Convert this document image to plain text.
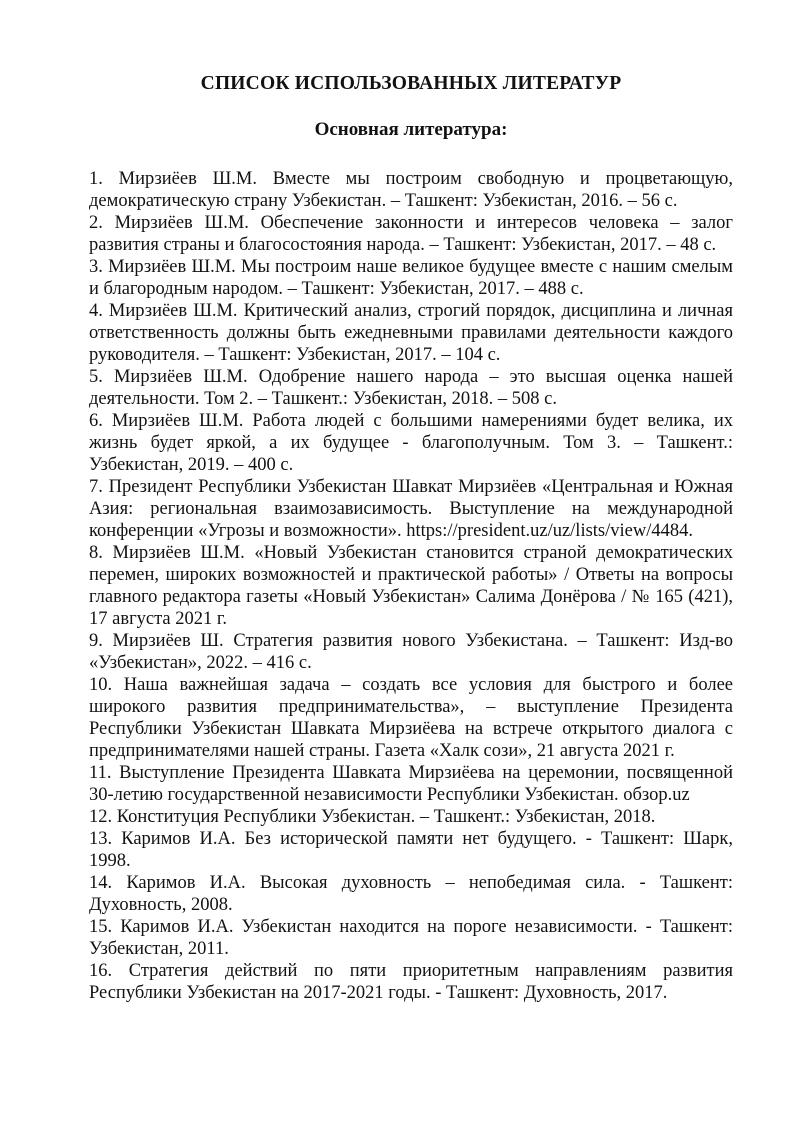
СПИСОК ИСПОЛЬЗОВАННЫХ ЛИТЕРАТУР
Основная литература:

1. Мирзиёев Ш.М. Вместе мы построим свободную и процветающую, демократическую страну Узбекистан. – Ташкент: Узбекистан, 2016. – 56 с.

2. Мирзиёев Ш.М. Обеспечение законности и интересов человека – залог развития страны и благосостояния народа. – Ташкент: Узбекистан, 2017. – 48 с.

3. Мирзиёев Ш.М. Мы построим наше великое будущее вместе с нашим смелым и благородным народом. – Ташкент: Узбекистан, 2017. – 488 с.

4. Мирзиёев Ш.М. Критический анализ, строгий порядок, дисциплина и личная ответственность должны быть ежедневными правилами деятельности каждого руководителя. – Ташкент: Узбекистан, 2017. – 104 с.

5. Мирзиёев Ш.М. Одобрение нашего народа – это высшая оценка нашей деятельности. Том 2. – Ташкент.: Узбекистан, 2018. – 508 с.

6. Мирзиёев Ш.М. Работа людей с большими намерениями будет велика, их жизнь будет яркой, а их будущее - благополучным. Том 3. – Ташкент.: Узбекистан, 2019. – 400 с.

7. Президент Республики Узбекистан Шавкат Мирзиёев «Центральная и Южная Азия: региональная взаимозависимость. Выступление на международной конференции «Угрозы и возможности». https://president.uz/uz/lists/view/4484.

8. Мирзиёев Ш.М. «Новый Узбекистан становится страной демократических перемен, широких возможностей и практической работы» / Ответы на вопросы главного редактора газеты «Новый Узбекистан» Салима Донёрова / № 165 (421), 17 августа 2021 г.

9. Мирзиёев Ш. Стратегия развития нового Узбекистана. – Ташкент: Изд-во «Узбекистан», 2022. – 416 с.

10. Наша важнейшая задача – создать все условия для быстрого и более широкого развития предпринимательства», – выступление Президента Республики Узбекистан Шавката Мирзиёева на встрече открытого диалога с предпринимателями нашей страны. Газета «Халк сози», 21 августа 2021 г.

11. Выступление Президента Шавката Мирзиёева на церемонии, посвященной 30-летию государственной независимости Республики Узбекистан. обзор.uz

12. Конституция Республики Узбекистан. – Ташкент.: Узбекистан, 2018.

13. Каримов И.А. Без исторической памяти нет будущего. - Ташкент: Шарк, 1998.

14. Каримов И.А. Высокая духовность – непобедимая сила. - Ташкент: Духовность, 2008.

15. Каримов И.А. Узбекистан находится на пороге независимости. - Ташкент: Узбекистан, 2011.

16. Стратегия действий по пяти приоритетным направлениям развития Республики Узбекистан на 2017-2021 годы. - Ташкент: Духовность, 2017.
